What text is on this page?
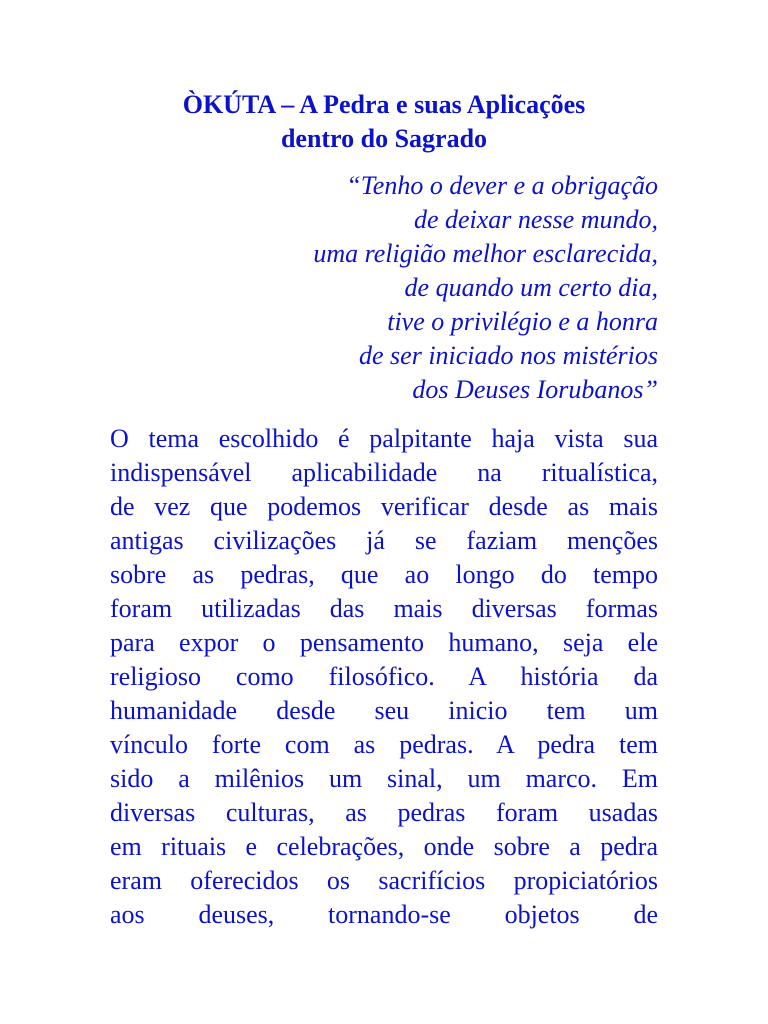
ÒKÚTA – A Pedra e suas Aplicações
dentro do Sagrado
“Tenho o dever e a obrigação
de deixar nesse mundo,
uma religião melhor esclarecida,
de quando um certo dia,
tive o privilégio e a honra
de ser iniciado nos mistérios
dos Deuses Iorubanos”
O tema escolhido é palpitante haja vista sua
indispensável aplicabilidade na ritualística,
de vez que podemos verificar desde as mais
antigas civilizações já se faziam menções
sobre as pedras, que ao longo do tempo
foram utilizadas das mais diversas formas
para expor o pensamento humano, seja ele
religioso como filosófico. A história da
humanidade desde seu inicio tem um
vínculo forte com as pedras. A pedra tem
sido a milênios um sinal, um marco. Em
diversas culturas, as pedras foram usadas
em rituais e celebrações, onde sobre a pedra
eram oferecidos os sacrifícios propiciatórios
aos deuses, tornando-se objetos de
